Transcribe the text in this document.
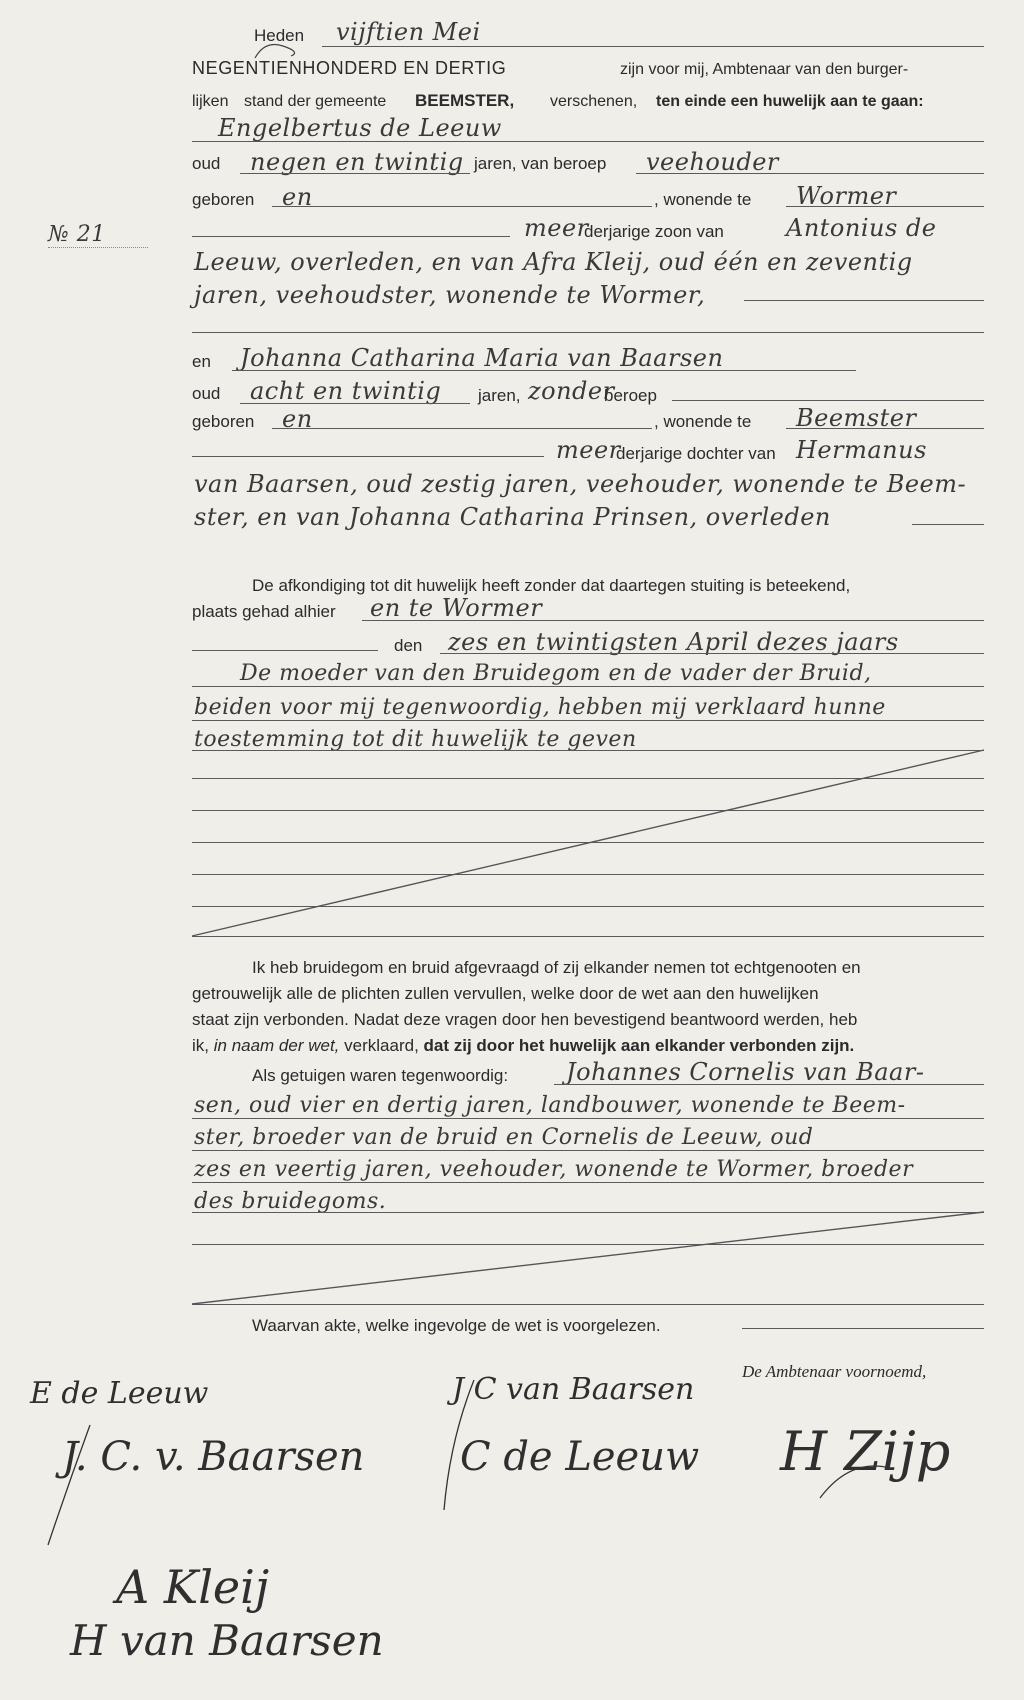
№ 21
Heden vijftien Mei
NEGENTIENHONDERD EN DERTIG	zijn voor mij, Ambtenaar van den burger-
lijken stand der gemeente BEEMSTER, verschenen, ten einde een huwelijk aan te gaan:
Engelbertus de Leeuw
oud negen en twintig jaren, van beroep veehouder
geboren en	, wonende te Wormer
meer
derjarige zoon van	Antonius de
Leeuw, overleden, en van Afra Kleij, oud één en zeventig
jaren, veehoudster, wonende te Wormer,
en Johanna Catharina Maria van Baarsen
oud acht en twintig jaren, zonder
beroep
geboren en	, wonende te Beemster
meer
derjarige dochter van Hermanus
van Baarsen, oud zestig jaren, veehouder, wonende te Beem-
ster, en van Johanna Catharina Prinsen, overleden
De afkondiging tot dit huwelijk heeft zonder dat daartegen stuiting is beteekend,
plaats gehad alhier en te Wormer
den zes en twintigsten April dezes jaars
De moeder van den Bruidegom en de vader der Bruid,
beiden voor mij tegenwoordig, hebben mij verklaard hunne
toestemming tot dit huwelijk te geven
Ik heb bruidegom en bruid afgevraagd of zij elkander nemen tot echtgenooten en
getrouwelijk alle de plichten zullen vervullen, welke door de wet aan den huwelijken
staat zijn verbonden. Nadat deze vragen door hen bevestigend beantwoord werden, heb
ik, in naam der wet, verklaard, dat zij door het huwelijk aan elkander verbonden zijn.
Als getuigen waren tegenwoordig: Johannes Cornelis van Baar-
sen, oud vier en dertig jaren, landbouwer, wonende te Beem-
ster, broeder van de bruid en Cornelis de Leeuw, oud
zes en veertig jaren, veehouder, wonende te Wormer, broeder
des bruidegoms.
Waarvan akte, welke ingevolge de wet is voorgelezen.
De Ambtenaar voornoemd,
E de Leeuw	J C van Baarsen
J. C. v. Baarsen C de Leeuw H Zijp
A Kleij
H van Baarsen
